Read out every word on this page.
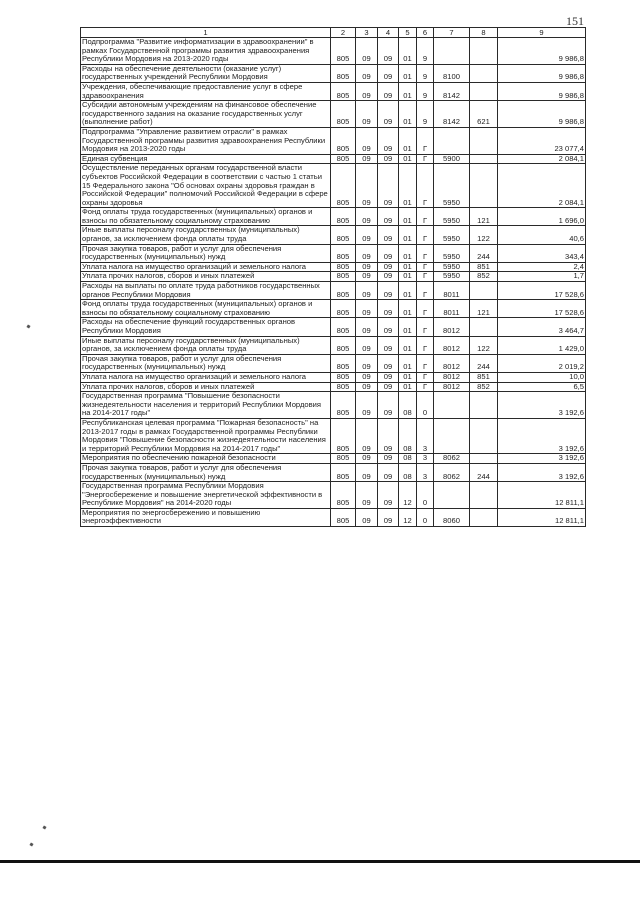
151
1	2	3	4	5	6	7	8	9
Подпрограмма "Развитие информатизации в здравоохранении" в рамках Государственной программы развития здравоохранения Республики Мордовия на 2013-2020 годы	805	09	09	01	9			9 986,8
Расходы на обеспечение деятельности (оказание услуг) государственных учреждений Республики Мордовия	805	09	09	01	9	8100		9 986,8
Учреждения, обеспечивающие предоставление услуг в сфере здравоохранения	805	09	09	01	9	8142		9 986,8
Субсидии автономным учреждениям на финансовое обеспечение государственного задания на оказание государственных услуг (выполнение работ)	805	09	09	01	9	8142	621	9 986,8
Подпрограмма "Управление развитием отрасли" в рамках Государственной программы развития здравоохранения Республики Мордовия на 2013-2020 годы	805	09	09	01	Г			23 077,4
Единая субвенция	805	09	09	01	Г	5900		2 084,1
Осуществление переданных органам государственной власти субъектов Российской Федерации в соответствии с частью 1 статьи 15 Федерального закона "Об основах охраны здоровья граждан в Российской Федерации" полномочий Российской Федерации в сфере охраны здоровья	805	09	09	01	Г	5950		2 084,1
Фонд оплаты труда государственных (муниципальных) органов и взносы по обязательному социальному страхованию	805	09	09	01	Г	5950	121	1 696,0
Иные выплаты персоналу государственных (муниципальных) органов, за исключением фонда оплаты труда	805	09	09	01	Г	5950	122	40,6
Прочая закупка товаров, работ и услуг для обеспечения государственных (муниципальных) нужд	805	09	09	01	Г	5950	244	343,4
Уплата налога на имущество организаций и земельного налога	805	09	09	01	Г	5950	851	2,4
Уплата прочих налогов, сборов и иных платежей	805	09	09	01	Г	5950	852	1,7
Расходы на выплаты по оплате труда работников государственных органов Республики Мордовия	805	09	09	01	Г	8011		17 528,6
Фонд оплаты труда государственных (муниципальных) органов и взносы по обязательному социальному страхованию	805	09	09	01	Г	8011	121	17 528,6
Расходы на обеспечение функций государственных органов Республики Мордовия	805	09	09	01	Г	8012		3 464,7
Иные выплаты персоналу государственных (муниципальных) органов, за исключением фонда оплаты труда	805	09	09	01	Г	8012	122	1 429,0
Прочая закупка товаров, работ и услуг для обеспечения государственных (муниципальных) нужд	805	09	09	01	Г	8012	244	2 019,2
Уплата налога на имущество организаций и земельного налога	805	09	09	01	Г	8012	851	10,0
Уплата прочих налогов, сборов и иных платежей	805	09	09	01	Г	8012	852	6,5
Государственная программа "Повышение безопасности жизнедеятельности населения и территорий Республики Мордовия на 2014-2017 годы"	805	09	09	08	0			3 192,6
Республиканская целевая программа "Пожарная безопасность" на 2013-2017 годы в рамках Государственной программы Республики Мордовия "Повышение безопасности жизнедеятельности населения и территорий Республики Мордовия на 2014-2017 годы"	805	09	09	08	3			3 192,6
Мероприятия по обеспечению пожарной безопасности	805	09	09	08	3	8062		3 192,6
Прочая закупка товаров, работ и услуг для обеспечения государственных (муниципальных) нужд	805	09	09	08	3	8062	244	3 192,6
Государственная программа Республики Мордовия "Энергосбережение и повышение энергетической эффективности в Республике Мордовия" на 2014-2020 годы	805	09	09	12	0			12 811,1
Мероприятия по энергосбережению и повышению энергоэффективности	805	09	09	12	0	8060		12 811,1
